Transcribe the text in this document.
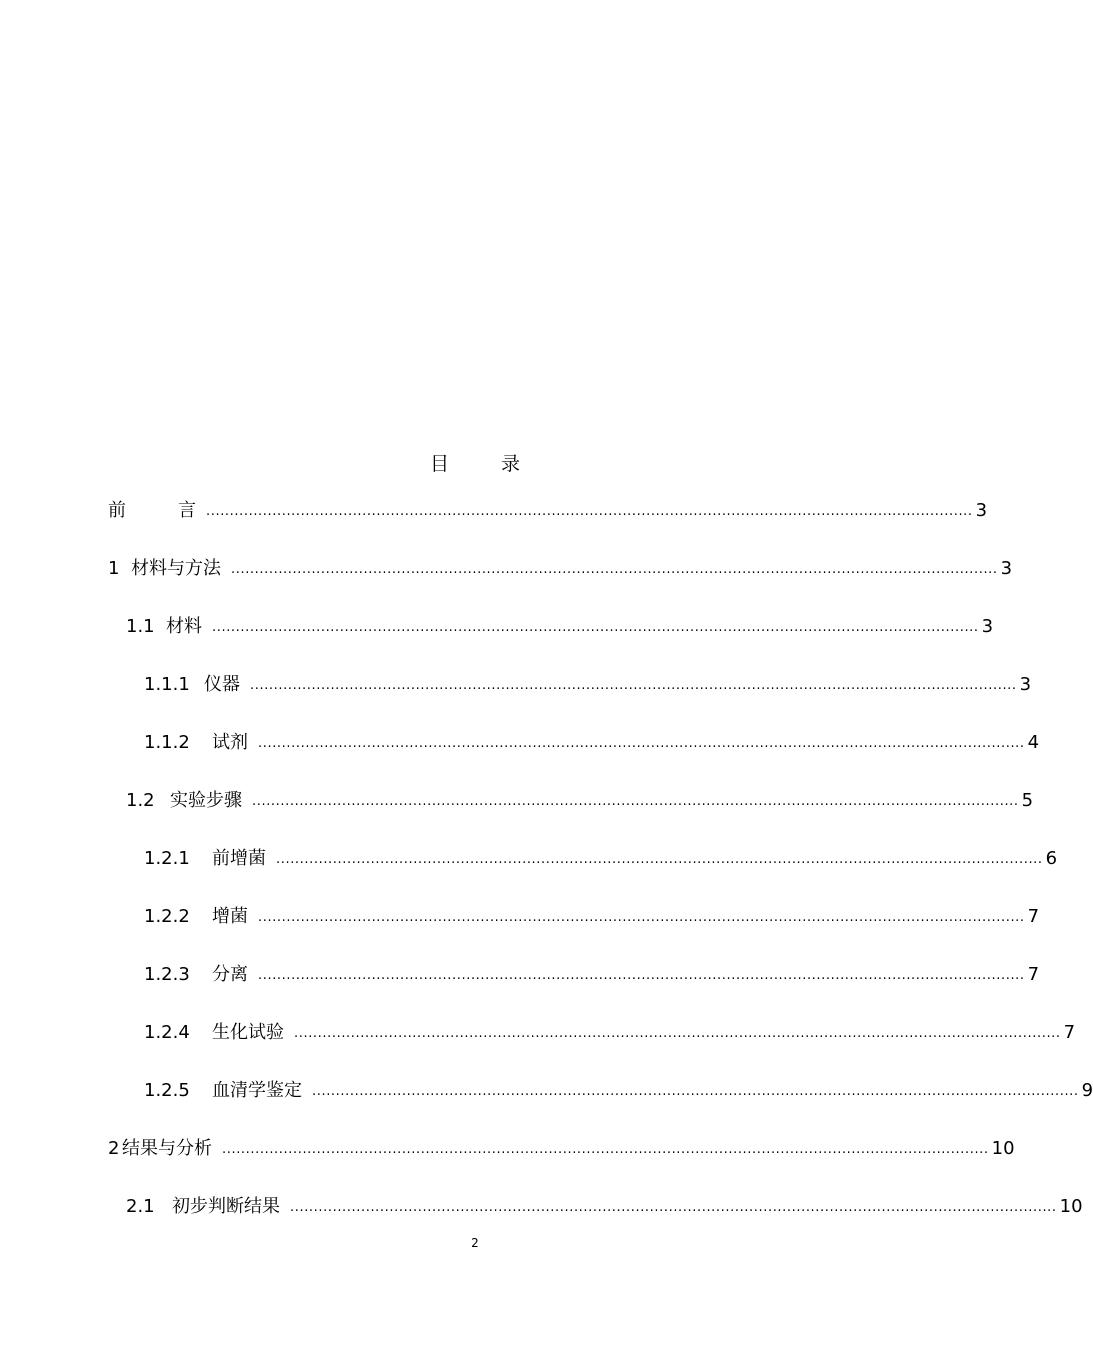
目	录
前	言 .................................................................................................................................................................. 3
1 材料与方法 .................................................................................................................................................................. 3
1.1 材料 .................................................................................................................................................................. 3
1.1.1 仪器 .................................................................................................................................................................. 3
1.1.2 试剂 .................................................................................................................................................................. 4
1.2 实验步骤 .................................................................................................................................................................. 5
1.2.1 前增菌 .................................................................................................................................................................. 6
1.2.2 增菌 .................................................................................................................................................................. 7
1.2.3 分离 .................................................................................................................................................................. 7
1.2.4 生化试验 .................................................................................................................................................................. 7
1.2.5 血清学鉴定 .................................................................................................................................................................. 9
2 结果与分析 .................................................................................................................................................................. 10
2.1 初步判断结果 .................................................................................................................................................................. 10
2
